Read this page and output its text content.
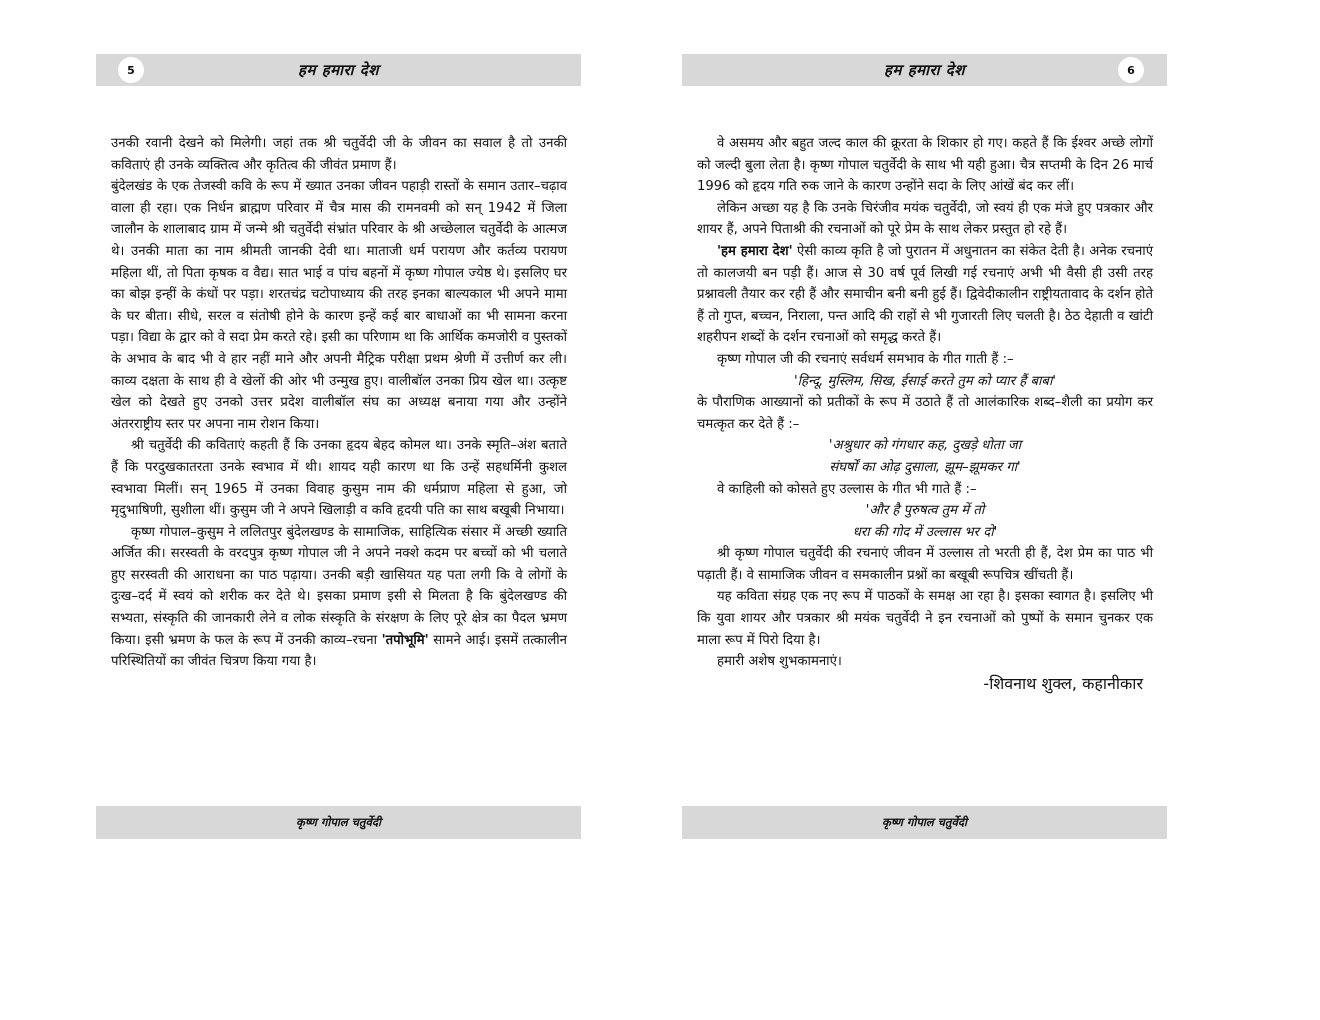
5	हम हमारा देश

उनकी रवानी देखने को मिलेगी। जहां तक श्री चतुर्वेदी जी के जीवन का सवाल है तो उनकी कविताएं ही उनके व्यक्तित्व और कृतित्व की जीवंत प्रमाण हैं।

बुंदेलखंड के एक तेजस्वी कवि के रूप में ख्यात उनका जीवन पहाड़ी रास्तों के समान उतार–चढ़ाव वाला ही रहा। एक निर्धन ब्राह्मण परिवार में चैत्र मास की रामनवमी को सन् 1942 में जिला जालौन के शालाबाद ग्राम में जन्मे श्री चतुर्वेदी संभ्रांत परिवार के श्री अच्छेलाल चतुर्वेदी के आत्मज थे। उनकी माता का नाम श्रीमती जानकी देवी था। माताजी धर्म परायण और कर्तव्य परायण महिला थीं, तो पिता कृषक व वैद्य। सात भाई व पांच बहनों में कृष्ण गोपाल ज्येष्ठ थे। इसलिए घर का बोझ इन्हीं के कंधों पर पड़ा। शरतचंद्र चटोपाध्याय की तरह इनका बाल्यकाल भी अपने मामा के घर बीता। सीधे, सरल व संतोषी होने के कारण इन्हें कई बार बाधाओं का भी सामना करना पड़ा। विद्या के द्वार को वे सदा प्रेम करते रहे। इसी का परिणाम था कि आर्थिक कमजोरी व पुस्तकों के अभाव के बाद भी वे हार नहीं माने और अपनी मैट्रिक परीक्षा प्रथम श्रेणी में उत्तीर्ण कर ली। काव्य दक्षता के साथ ही वे खेलों की ओर भी उन्मुख हुए। वालीबॉल उनका प्रिय खेल था। उत्कृष्ट खेल को देखते हुए उनको उत्तर प्रदेश वालीबॉल संघ का अध्यक्ष बनाया गया और उन्होंने अंतरराष्ट्रीय स्तर पर अपना नाम रोशन किया।

श्री चतुर्वेदी की कविताएं कहती हैं कि उनका हृदय बेहद कोमल था। उनके स्मृति–अंश बताते हैं कि परदुखकातरता उनके स्वभाव में थी। शायद यही कारण था कि उन्हें सहधर्मिनी कुशल स्वभावा मिलीं। सन् 1965 में उनका विवाह कुसुम नाम की धर्मप्राण महिला से हुआ, जो मृदुभाषिणी, सुशीला थीं। कुसुम जी ने अपने खिलाड़ी व कवि हृदयी पति का साथ बखूबी निभाया।

कृष्ण गोपाल–कुसुम ने ललितपुर बुंदेलखण्ड के सामाजिक, साहित्यिक संसार में अच्छी ख्याति अर्जित की। सरस्वती के वरदपुत्र कृष्ण गोपाल जी ने अपने नक्शे कदम पर बच्चों को भी चलाते हुए सरस्वती की आराधना का पाठ पढ़ाया। उनकी बड़ी खासियत यह पता लगी कि वे लोगों के दुःख–दर्द में स्वयं को शरीक कर देते थे। इसका प्रमाण इसी से मिलता है कि बुंदेलखण्ड की सभ्यता, संस्कृति की जानकारी लेने व लोक संस्कृति के संरक्षण के लिए पूरे क्षेत्र का पैदल भ्रमण किया। इसी भ्रमण के फल के रूप में उनकी काव्य–रचना 'तपोभूमि' सामने आई। इसमें तत्कालीन परिस्थितियों का जीवंत चित्रण किया गया है।

कृष्ण गोपाल चतुर्वेदी
हम हमारा देश	6

वे असमय और बहुत जल्द काल की क्रूरता के शिकार हो गए। कहते हैं कि ईश्वर अच्छे लोगों को जल्दी बुला लेता है। कृष्ण गोपाल चतुर्वेदी के साथ भी यही हुआ। चैत्र सप्तमी के दिन 26 मार्च 1996 को हृदय गति रुक जाने के कारण उन्होंने सदा के लिए आंखें बंद कर लीं।

लेकिन अच्छा यह है कि उनके चिरंजीव मयंक चतुर्वेदी, जो स्वयं ही एक मंजे हुए पत्रकार और शायर हैं, अपने पिताश्री की रचनाओं को पूरे प्रेम के साथ लेकर प्रस्तुत हो रहे हैं।

'हम हमारा देश' ऐसी काव्य कृति है जो पुरातन में अधुनातन का संकेत देती है। अनेक रचनाएं तो कालजयी बन पड़ी हैं। आज से 30 वर्ष पूर्व लिखी गई रचनाएं अभी भी वैसी ही उसी तरह प्रश्नावली तैयार कर रही हैं और समाचीन बनी बनी हुई हैं। द्विवेदीकालीन राष्ट्रीयतावाद के दर्शन होते हैं तो गुप्त, बच्चन, निराला, पन्त आदि की राहों से भी गुजारती लिए चलती है। ठेठ देहाती व खांटी शहरीपन शब्दों के दर्शन रचनाओं को समृद्ध करते हैं।

कृष्ण गोपाल जी की रचनाएं सर्वधर्म समभाव के गीत गाती हैं :–

'हिन्दू, मुस्लिम, सिख, ईसाई करते तुम को प्यार हैं बाबा'

के पौराणिक आख्यानों को प्रतीकों के रूप में उठाते हैं तो आलंकारिक शब्द–शैली का प्रयोग कर चमत्कृत कर देते हैं :–

'अश्रुधार को गंगधार कह, दुखड़े धोता जा

संघर्षों का ओढ़ दुसाला, झूम–झूमकर गा'

वे काहिली को कोसते हुए उल्लास के गीत भी गाते हैं :–

'और है पुरुषत्व तुम में तो

धरा की गोद में उल्लास भर दो'

श्री कृष्ण गोपाल चतुर्वेदी की रचनाएं जीवन में उल्लास तो भरती ही हैं, देश प्रेम का पाठ भी पढ़ाती हैं। वे सामाजिक जीवन व समकालीन प्रश्नों का बखूबी रूपचित्र खींचती हैं।

यह कविता संग्रह एक नए रूप में पाठकों के समक्ष आ रहा है। इसका स्वागत है। इसलिए भी कि युवा शायर और पत्रकार श्री मयंक चतुर्वेदी ने इन रचनाओं को पुष्पों के समान चुनकर एक माला रूप में पिरो दिया है।

हमारी अशेष शुभकामनाएं।

-शिवनाथ शुक्ल, कहानीकार

कृष्ण गोपाल चतुर्वेदी
